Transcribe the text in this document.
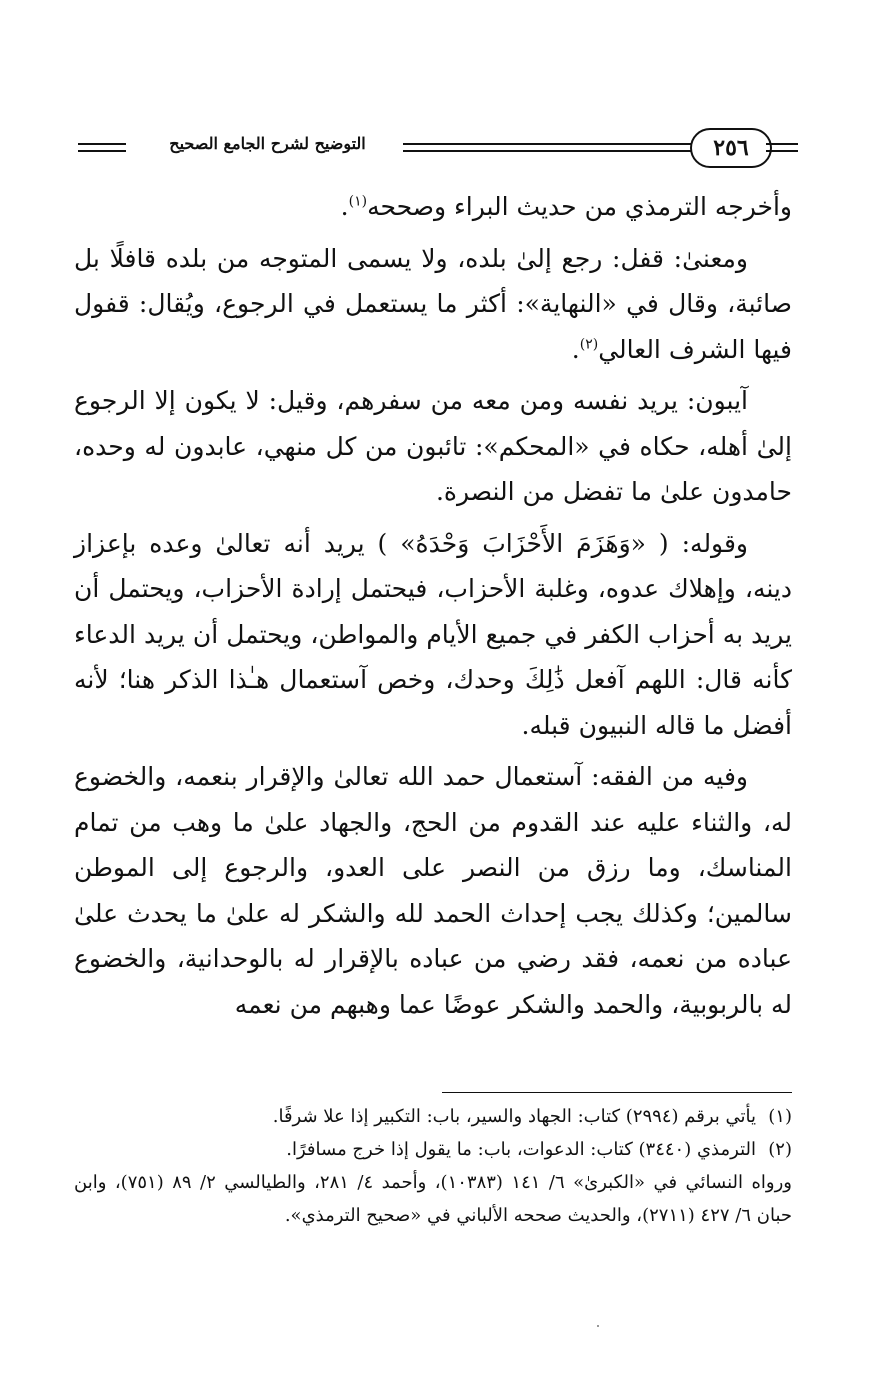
التوضيح لشرح الجامع الصحيح	٢٥٦

وأخرجه الترمذي من حديث البراء وصححه$^{(١)}$.

ومعنىٰ: قفل: رجع إلىٰ بلده، ولا يسمى المتوجه من بلده قافلًا بل صائبة، وقال في «النهاية»: أكثر ما يستعمل في الرجوع، ويُقال: قفول فيها الشرف العالي$^{(٢)}$.

آيبون: يريد نفسه ومن معه من سفرهم، وقيل: لا يكون إلا الرجوع إلىٰ أهله، حكاه في «المحكم»: تائبون من كل منهي، عابدون له وحده، حامدون علىٰ ما تفضل من النصرة.

وقوله: ( «وَهَزَمَ الأَحْزَابَ وَحْدَهُ» ) يريد أنه تعالىٰ وعده بإعزاز دينه، وإهلاك عدوه، وغلبة الأحزاب، فيحتمل إرادة الأحزاب، ويحتمل أن يريد به أحزاب الكفر في جميع الأيام والمواطن، ويحتمل أن يريد الدعاء كأنه قال: اللهم آفعل ذَٰلِكَ وحدك، وخص آستعمال هـٰذا الذكر هنا؛ لأنه أفضل ما قاله النبيون قبله.

وفيه من الفقه: آستعمال حمد الله تعالىٰ والإقرار بنعمه، والخضوع له، والثناء عليه عند القدوم من الحج، والجهاد علىٰ ما وهب من تمام المناسك، وما رزق من النصر على العدو، والرجوع إلى الموطن سالمين؛ وكذلك يجب إحداث الحمد لله والشكر له علىٰ ما يحدث علىٰ عباده من نعمه، فقد رضي من عباده بالإقرار له بالوحدانية، والخضوع له بالربوبية، والحمد والشكر عوضًا عما وهبهم من نعمه

(١)يأتي برقم (٢٩٩٤) كتاب: الجهاد والسير، باب: التكبير إذا علا شرفًا.

(٢)الترمذي (٣٤٤٠) كتاب: الدعوات، باب: ما يقول إذا خرج مسافرًا.

ورواه النسائي في «الكبرىٰ» ٦/ ١٤١ (١٠٣٨٣)، وأحمد ٤/ ٢٨١، والطيالسي ٢/ ٨٩ (٧٥١)، وابن حبان ٦/ ٤٢٧ (٢٧١١)، والحديث صححه الألباني في «صحيح الترمذي».
